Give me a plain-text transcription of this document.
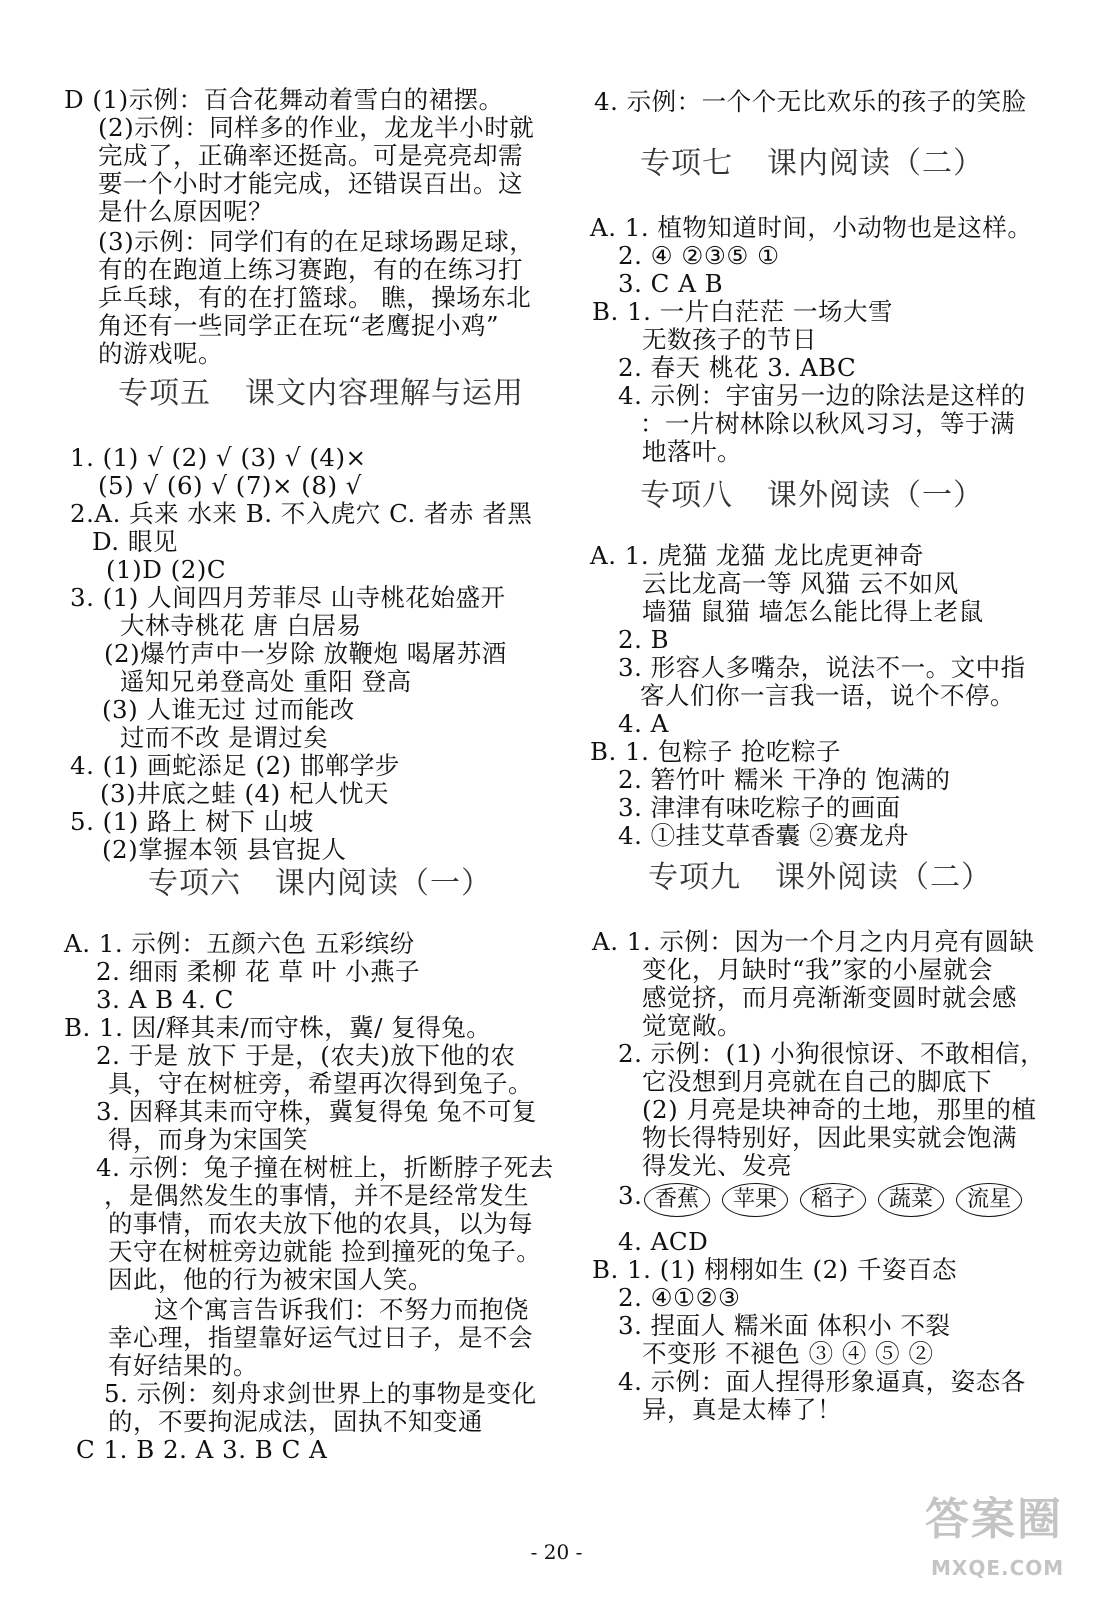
D (1)示例：百合花舞动着雪白的裙摆。
(2)示例：同样多的作业，龙龙半小时就
完成了，正确率还挺高。可是亮亮却需
要一个小时才能完成，还错误百出。这
是什么原因呢？
(3)示例：同学们有的在足球场踢足球，
有的在跑道上练习赛跑，有的在练习打
乒乓球，有的在打篮球。 瞧，操场东北
角还有一些同学正在玩“老鹰捉小鸡”
的游戏呢。
专项五 课文内容理解与运用
1. (1) √ (2) √ (3) √ (4)×
(5) √ (6) √ (7)× (8) √
2.A. 兵来 水来 B. 不入虎穴 C. 者赤 者黑
D. 眼见
(1)D (2)C
3. (1) 人间四月芳菲尽 山寺桃花始盛开
大林寺桃花 唐 白居易
(2)爆竹声中一岁除 放鞭炮 喝屠苏酒
遥知兄弟登高处 重阳 登高
(3) 人谁无过 过而能改
过而不改 是谓过矣
4. (1) 画蛇添足 (2) 邯郸学步
(3)井底之蛙 (4) 杞人忧天
5. (1) 路上 树下 山坡
(2)掌握本领 县官捉人
专项六 课内阅读（一）
A. 1. 示例：五颜六色 五彩缤纷
2. 细雨 柔柳 花 草 叶 小燕子
3. A B 4. C
B. 1. 因/释其耒/而守株，冀/ 复得兔。
2. 于是 放下 于是，(农夫)放下他的农
具，守在树桩旁，希望再次得到兔子。
3. 因释其耒而守株，冀复得兔 兔不可复
得，而身为宋国笑
4. 示例：兔子撞在树桩上，折断脖子死去
，是偶然发生的事情，并不是经常发生
的事情，而农夫放下他的农具，以为每
天守在树桩旁边就能 捡到撞死的兔子。
因此，他的行为被宋国人笑。
这个寓言告诉我们：不努力而抱侥
幸心理，指望靠好运气过日子，是不会
有好结果的。
5. 示例：刻舟求剑世界上的事物是变化
的，不要拘泥成法，固执不知变通
C 1. B 2. A 3. B C A
4. 示例：一个个无比欢乐的孩子的笑脸
专项七 课内阅读（二）
A. 1. 植物知道时间，小动物也是这样。
2. ④ ②③⑤ ①
3. C A B
B. 1. 一片白茫茫 一场大雪
无数孩子的节日
2. 春天 桃花 3. ABC
4. 示例：宇宙另一边的除法是这样的
：一片树林除以秋风习习，等于满
地落叶。
专项八 课外阅读（一）
A. 1. 虎猫 龙猫 龙比虎更神奇
云比龙高一等 风猫 云不如风
墙猫 鼠猫 墙怎么能比得上老鼠
2. B
3. 形容人多嘴杂，说法不一。文中指
客人们你一言我一语，说个不停。
4. A
B. 1. 包粽子 抢吃粽子
2. 箬竹叶 糯米 干净的 饱满的
3. 津津有味吃粽子的画面
4. ①挂艾草香囊 ②赛龙舟
专项九 课外阅读（二）
A. 1. 示例：因为一个月之内月亮有圆缺
变化，月缺时“我”家的小屋就会
感觉挤，而月亮渐渐变圆时就会感
觉宽敞。
2. 示例：(1) 小狗很惊讶、不敢相信，
它没想到月亮就在自己的脚底下
(2) 月亮是块神奇的土地，那里的植
物长得特别好，因此果实就会饱满
得发光、发亮
3. 香蕉	苹果	稻子	蔬菜	流星
4. ACD
B. 1. (1) 栩栩如生 (2) 千姿百态
2. ④①②③
3. 捏面人 糯米面 体积小 不裂
不变形 不褪色 ③ ④ ⑤ ②
4. 示例：面人捏得形象逼真，姿态各
异，真是太棒了！
- 20 -
答案圈
MXQE.COM
